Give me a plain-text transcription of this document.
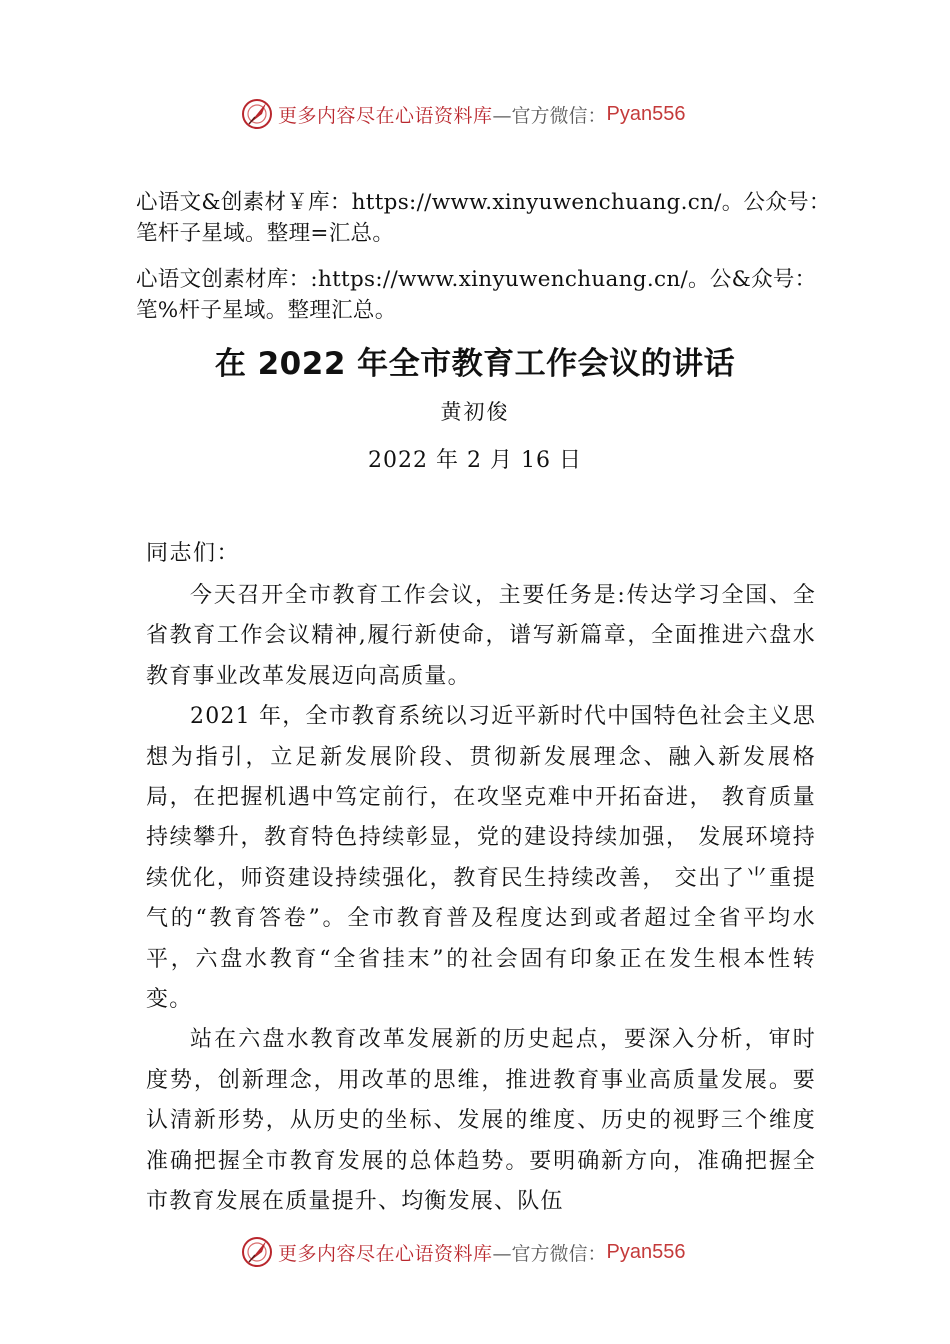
更多内容尽在心语资料库 —官方微信： Pyan556

心语文&创素材￥库：https://www.xinyuwenchuang.cn/。公众号：笔杆子星域。整理=汇总。

心语文创素材库：:https://www.xinyuwenchuang.cn/。公&众号：笔%杆子星域。整理汇总。

在 2022 年全市教育工作会议的讲话
黄初俊
2022 年 2 月 16 日
同志们：

今天召开全市教育工作会议，主要任务是:传达学习全国、全省教育工作会议精神,履行新使命，谱写新篇章，全面推进六盘水教育事业改革发展迈向高质量。

2021 年，全市教育系统以习近平新时代中国特色社会主义思想为指引，立足新发展阶段、贯彻新发展理念、融入新发展格局，在把握机遇中笃定前行，在攻坚克难中开拓奋进， 教育质量持续攀升，教育特色持续彰显，党的建设持续加强， 发展环境持续优化，师资建设持续强化，教育民生持续改善， 交出了⺌重提气的“教育答卷”。全市教育普及程度达到或者超过全省平均水平，六盘水教育“全省挂末”的社会固有印象正在发生根本性转变。

站在六盘水教育改革发展新的历史起点，要深入分析，审时度势，创新理念，用改革的思维，推进教育事业高质量发展。要认清新形势，从历史的坐标、发展的维度、历史的视野三个维度准确把握全市教育发展的总体趋势。要明确新方向，准确把握全市教育发展在质量提升、均衡发展、队伍

更多内容尽在心语资料库 —官方微信： Pyan556
